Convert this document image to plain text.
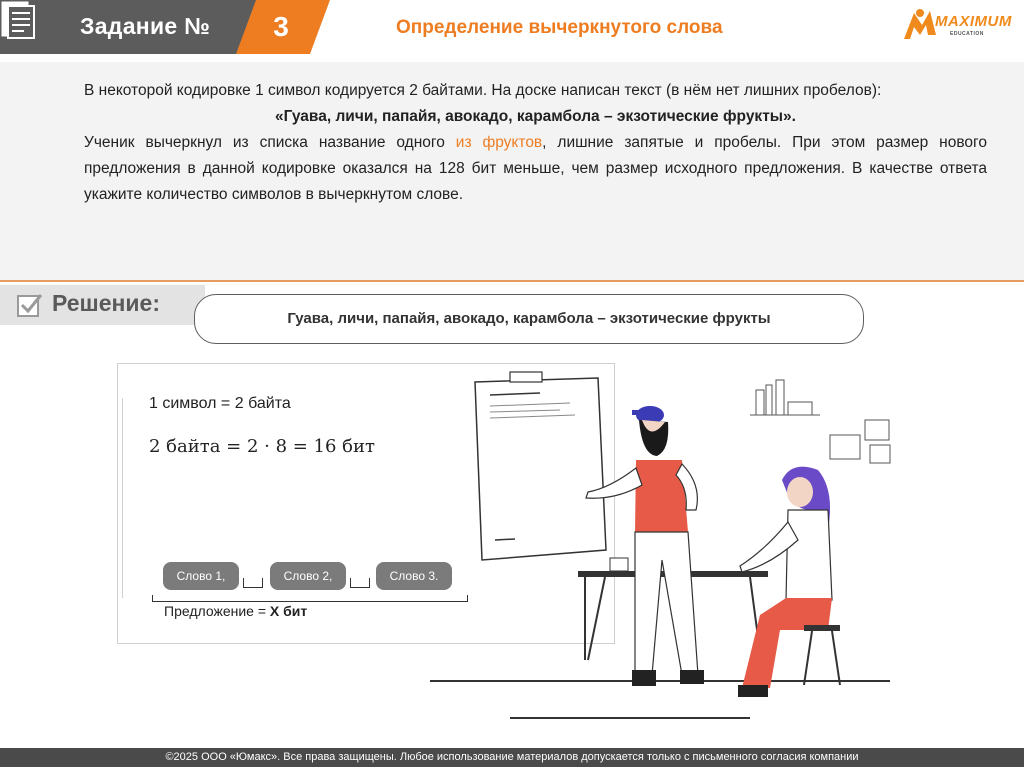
Задание №	3	Определение вычеркнутого слова	MAXIMUM
EDUCATION

В некоторой кодировке 1 символ кодируется 2 байтами. На доске написан текст (в нём нет лишних пробелов):

«Гуава, личи, папайя, авокадо, карамбола – экзотические фрукты».

Ученик вычеркнул из списка название одного из фруктов, лишние запятые и пробелы. При этом размер нового предложения в данной кодировке оказался на 128 бит меньше, чем размер исходного предложения. В качестве ответа укажите количество символов в вычеркнутом слове.

Решение:
Гуава, личи, папайя, авокадо, карамбола – экзотические фрукты
1 символ = 2 байта
2 байта = 2 · 8 = 16 бит
Слово 1,	Слово 2,	Слово 3.
Предложение = X бит
©2025 ООО «Юмакс». Все права защищены. Любое использование материалов допускается только с письменного согласия компании
